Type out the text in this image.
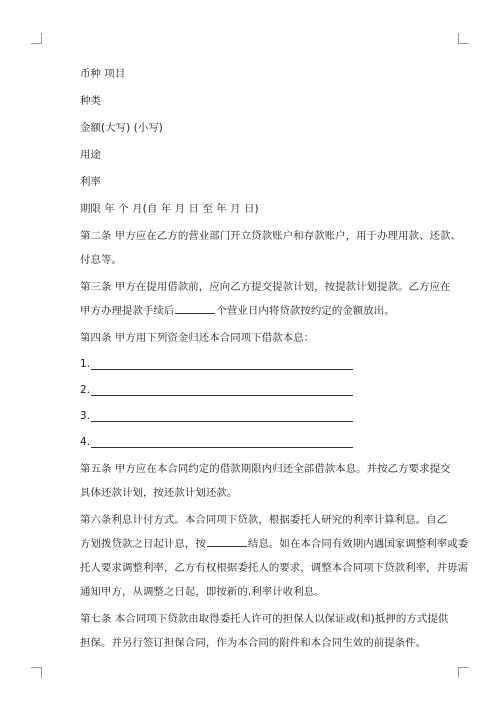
币种 项目
种类
金额(大写) (小写)
用途
利率
期限 年 个 月(自 年 月 日 至 年 月 日)
第二条 甲方应在乙方的营业部门开立贷款账户和存款账户，用于办理用款、还款、
付息等。
第三条 甲方在提用借款前，应向乙方提交提款计划，按提款计划提款。乙方应在
甲方办理提款手续后	个营业日内将贷款按约定的金额放出。
第四条 甲方用下列资金归还本合同项下借款本息：
1.
2.
3.
4.
第五条 甲方应在本合同约定的借款期限内归还全部借款本息。并按乙方要求提交
具体还款计划，按还款计划还款。
第六条利息计付方式。本合同项下贷款，根据委托人研究的利率计算利息。自乙
方划拨贷款之日起计息，按	结息。如在本合同有效期内遇国家调整利率或委
托人要求调整利率，乙方有权根据委托人的要求，调整本合同项下贷款利率，并毋需
通知甲方，从调整之日起，即按新的.利率计收利息。
第七条 本合同项下贷款由取得委托人许可的担保人以保证或(和)抵押的方式提供
担保。并另行签订担保合同，作为本合同的附件和本合同生效的前提条件。
